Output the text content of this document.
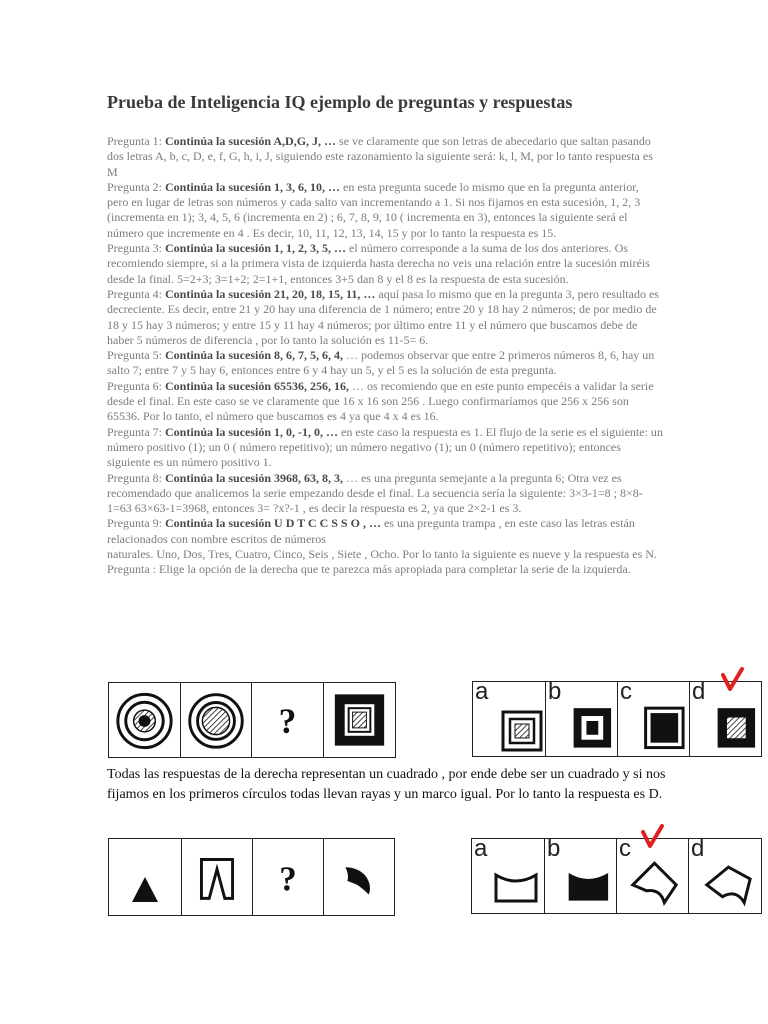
Prueba de Inteligencia IQ ejemplo de preguntas y respuestas

Pregunta 1: Continúa la sucesión A,D,G, J, … se ve claramente que son letras de abecedario que saltan pasando dos letras A, b, c, D, e, f, G, h, i, J, siguiendo este razonamiento la siguiente será: k, l, M, por lo tanto respuesta es M

Pregunta 2: Continúa la sucesión 1, 3, 6, 10, … en esta pregunta sucede lo mismo que en la pregunta anterior, pero en lugar de letras son números y cada salto van incrementando a 1. Si nos fijamos en esta sucesión, 1, 2, 3 (incrementa en 1); 3, 4, 5, 6 (incrementa en 2) ; 6, 7, 8, 9, 10 ( incrementa en 3), entonces la siguiente será el número que incremente en 4 . Es decir, 10, 11, 12, 13, 14, 15 y por lo tanto la respuesta es 15.

Pregunta 3: Continúa la sucesión 1, 1, 2, 3, 5, … el número corresponde a la suma de los dos anteriores. Os recomiendo siempre, si a la primera vista de izquierda hasta derecha no veis una relación entre la sucesión miréis desde la final. 5=2+3; 3=1+2; 2=1+1, entonces 3+5 dan 8 y el 8 es la respuesta de esta sucesión.

Pregunta 4: Continúa la sucesión 21, 20, 18, 15, 11, … aquí pasa lo mismo que en la pregunta 3, pero resultado es decreciente. Es decir, entre 21 y 20 hay una diferencia de 1 número; entre 20 y 18 hay 2 números; de por medio de 18 y 15 hay 3 números; y entre 15 y 11 hay 4 números; por último entre 11 y el número que buscamos debe de haber 5 números de diferencia , por lo tanto la solución es 11-5= 6.

Pregunta 5: Continúa la sucesión 8, 6, 7, 5, 6, 4, … podemos observar que entre 2 primeros números 8, 6, hay un salto 7; entre 7 y 5 hay 6, entonces entre 6 y 4 hay un 5, y el 5 es la solución de esta pregunta.

Pregunta 6: Continúa la sucesión 65536, 256, 16, … os recomiendo que en este punto empecéis a validar la serie desde el final. En este caso se ve claramente que 16 x 16 son 256 . Luego confirmaríamos que 256 x 256 son 65536. Por lo tanto, el número que buscamos es 4 ya que 4 x 4 es 16.

Pregunta 7: Continúa la sucesión 1, 0, -1, 0, … en este caso la respuesta es 1. El flujo de la serie es el siguiente: un número positivo (1); un 0 ( número repetitivo); un número negativo (1); un 0 (número repetitivo); entonces siguiente es un número positivo 1.

Pregunta 8: Continúa la sucesión 3968, 63, 8, 3, … es una pregunta semejante a la pregunta 6; Otra vez es recomendado que analicemos la serie empezando desde el final. La secuencia sería la siguiente: 3×3-1=8 ; 8×8-1=63 63×63-1=3968, entonces 3= ?x?-1 , es decir la respuesta es 2, ya que 2×2-1 es 3.

Pregunta 9: Continúa la sucesión U D T C C S S O , … es una pregunta trampa , en este caso las letras están relacionados con nombre escritos de números

naturales. Uno, Dos, Tres, Cuatro, Cinco, Seis , Siete , Ocho. Por lo tanto la siguiente es nueve y la respuesta es N.

Pregunta : Elige la opción de la derecha que te parezca más apropiada para completar la serie de la izquierda.

?
a b c	d

Todas las respuestas de la derecha representan un cuadrado , por ende debe ser un cuadrado y si nos fijamos en los primeros círculos todas llevan rayas y un marco igual. Por lo tanto la respuesta es D.

?
a b c	d
